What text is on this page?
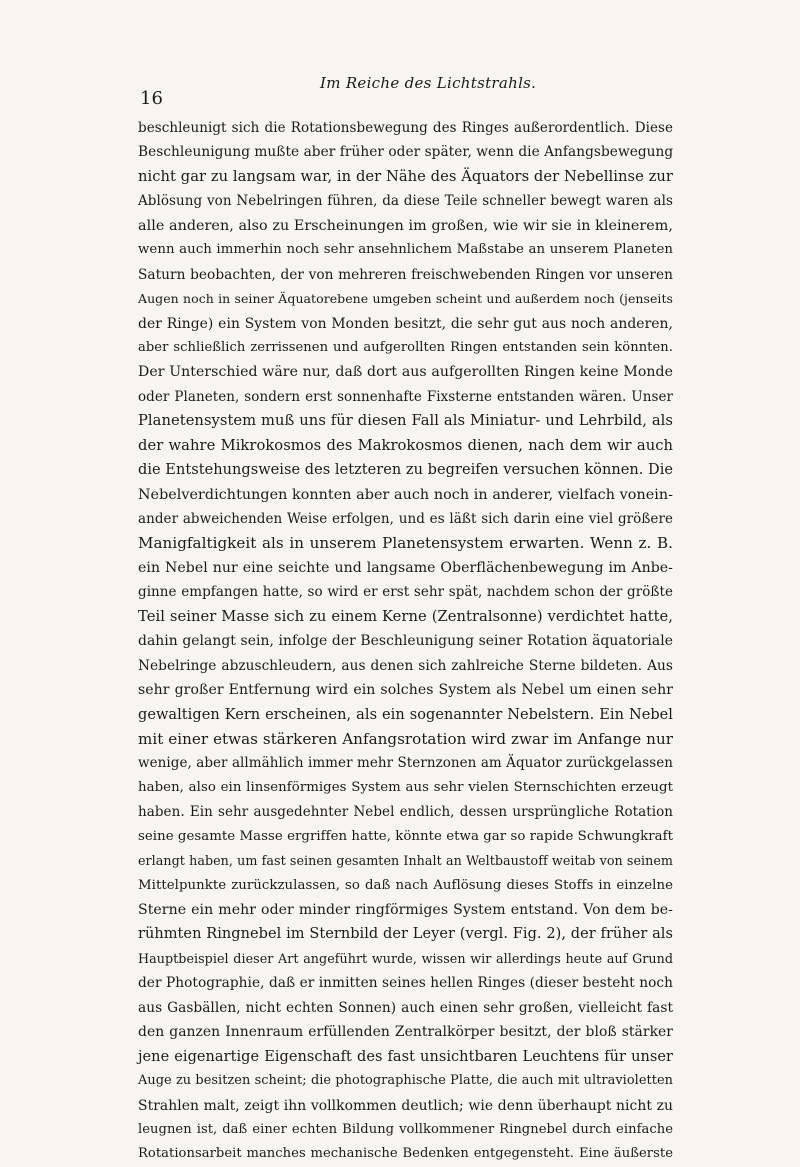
Im Reiche des Lichtstrahls.
16
beschleunigt sich die Rotationsbewegung des Ringes außerordentlich. Diese
Beschleunigung mußte aber früher oder später, wenn die Anfangsbewegung
nicht gar zu langsam war, in der Nähe des Äquators der Nebellinse zur
Ablösung von Nebelringen führen, da diese Teile schneller bewegt waren als
alle anderen, also zu Erscheinungen im großen, wie wir sie in kleinerem,
wenn auch immerhin noch sehr ansehnlichem Maßstabe an unserem Planeten
Saturn beobachten, der von mehreren freischwebenden Ringen vor unseren
Augen noch in seiner Äquatorebene umgeben scheint und außerdem noch (jenseits
der Ringe) ein System von Monden besitzt, die sehr gut aus noch anderen,
aber schließlich zerrissenen und aufgerollten Ringen entstanden sein könnten.
Der Unterschied wäre nur, daß dort aus aufgerollten Ringen keine Monde
oder Planeten, sondern erst sonnenhafte Fixsterne entstanden wären. Unser
Planetensystem muß uns für diesen Fall als Miniatur- und Lehrbild, als
der wahre Mikrokosmos des Makrokosmos dienen, nach dem wir auch
die Entstehungsweise des letzteren zu begreifen versuchen können. Die
Nebelverdichtungen konnten aber auch noch in anderer, vielfach vonein-
ander abweichenden Weise erfolgen, und es läßt sich darin eine viel größere
Manigfaltigkeit als in unserem Planetensystem erwarten. Wenn z. B.
ein Nebel nur eine seichte und langsame Oberflächenbewegung im Anbe-
ginne empfangen hatte, so wird er erst sehr spät, nachdem schon der größte
Teil seiner Masse sich zu einem Kerne (Zentralsonne) verdichtet hatte,
dahin gelangt sein, infolge der Beschleunigung seiner Rotation äquatoriale
Nebelringe abzuschleudern, aus denen sich zahlreiche Sterne bildeten. Aus
sehr großer Entfernung wird ein solches System als Nebel um einen sehr
gewaltigen Kern erscheinen, als ein sogenannter Nebelstern. Ein Nebel
mit einer etwas stärkeren Anfangsrotation wird zwar im Anfange nur
wenige, aber allmählich immer mehr Sternzonen am Äquator zurückgelassen
haben, also ein linsenförmiges System aus sehr vielen Sternschichten erzeugt
haben. Ein sehr ausgedehnter Nebel endlich, dessen ursprüngliche Rotation
seine gesamte Masse ergriffen hatte, könnte etwa gar so rapide Schwungkraft
erlangt haben, um fast seinen gesamten Inhalt an Weltbaustoff weitab von seinem
Mittelpunkte zurückzulassen, so daß nach Auflösung dieses Stoffs in einzelne
Sterne ein mehr oder minder ringförmiges System entstand. Von dem be-
rühmten Ringnebel im Sternbild der Leyer (vergl. Fig. 2), der früher als
Hauptbeispiel dieser Art angeführt wurde, wissen wir allerdings heute auf Grund
der Photographie, daß er inmitten seines hellen Ringes (dieser besteht noch
aus Gasbällen, nicht echten Sonnen) auch einen sehr großen, vielleicht fast
den ganzen Innenraum erfüllenden Zentralkörper besitzt, der bloß stärker
jene eigenartige Eigenschaft des fast unsichtbaren Leuchtens für unser
Auge zu besitzen scheint; die photographische Platte, die auch mit ultravioletten
Strahlen malt, zeigt ihn vollkommen deutlich; wie denn überhaupt nicht zu
leugnen ist, daß einer echten Bildung vollkommener Ringnebel durch einfache
Rotationsarbeit manches mechanische Bedenken entgegensteht. Eine äußerste
